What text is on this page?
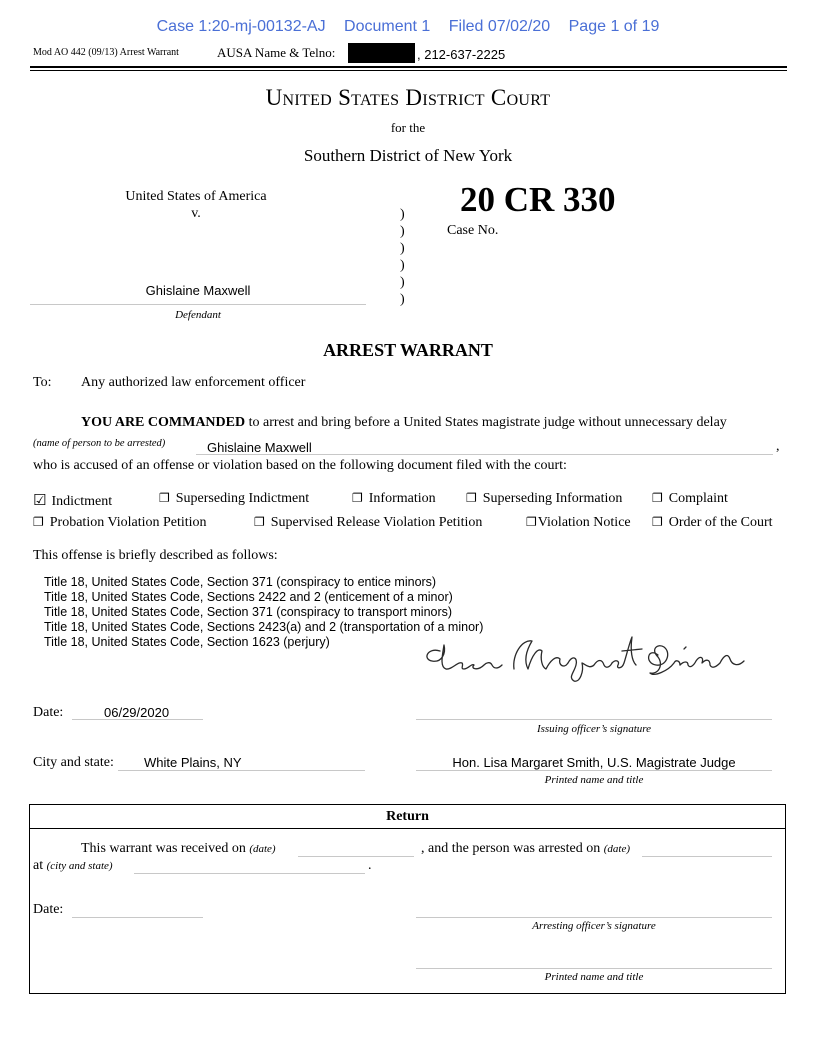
Case 1:20-mj-00132-AJ Document 1 Filed 07/02/20 Page 1 of 19
Mod AO 442 (09/13) Arrest Warrant	AUSA Name & Telno:	, 212-637-2225
United States District Court
for the
Southern District of New York
United States of America
v.
Ghislaine Maxwell
Defendant
)
)
)
)
)
)
20 CR 330
Case No.
ARREST WARRANT
To: Any authorized law enforcement officer
YOU ARE COMMANDED to arrest and bring before a United States magistrate judge without unnecessary delay
(name of person to be arrested)	Ghislaine Maxwell	,
who is accused of an offense or violation based on the following document filed with the court:
☑ Indictment	❐ Superseding Indictment	❐ Information	❐ Superseding Information ❐ Complaint
❐ Probation Violation Petition	❐ Supervised Release Violation Petition	❐Violation Notice ❐ Order of the Court
This offense is briefly described as follows:
Title 18, United States Code, Section 371 (conspiracy to entice minors)
Title 18, United States Code, Sections 2422 and 2 (enticement of a minor)
Title 18, United States Code, Section 371 (conspiracy to transport minors)
Title 18, United States Code, Sections 2423(a) and 2 (transportation of a minor)
Title 18, United States Code, Section 1623 (perjury)
Date:	06/29/2020
Issuing officer’s signature
City and state: White Plains, NY	Hon. Lisa Margaret Smith, U.S. Magistrate Judge
Printed name and title
Return
This warrant was received on (date)	, and the person was arrested on (date)
at (city and state)	.
Date:
Arresting officer’s signature
Printed name and title
